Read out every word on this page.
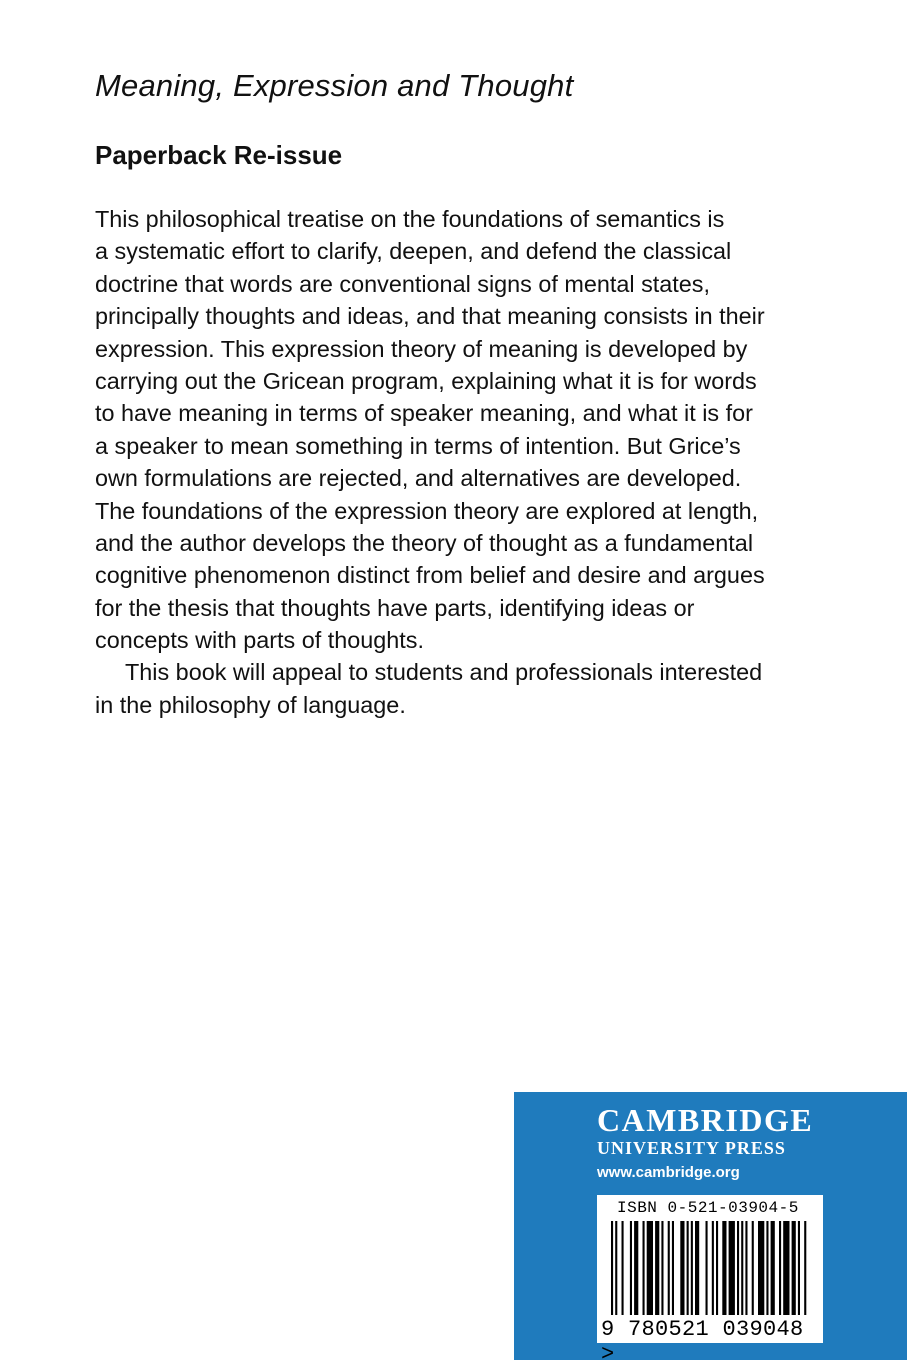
Meaning, Expression and Thought
Paperback Re-issue
This philosophical treatise on the foundations of semantics is
a systematic effort to clarify, deepen, and defend the classical
doctrine that words are conventional signs of mental states,
principally thoughts and ideas, and that meaning consists in their
expression. This expression theory of meaning is developed by
carrying out the Gricean program, explaining what it is for words
to have meaning in terms of speaker meaning, and what it is for
a speaker to mean something in terms of intention. But Grice’s
own formulations are rejected, and alternatives are developed.
The foundations of the expression theory are explored at length,
and the author develops the theory of thought as a fundamental
cognitive phenomenon distinct from belief and desire and argues
for the thesis that thoughts have parts, identifying ideas or
concepts with parts of thoughts.
This book will appeal to students and professionals interested
in the philosophy of language.
CAMBRIDGE
UNIVERSITY PRESS
www.cambridge.org
ISBN 0-521-03904-5
9 780521 039048 >
